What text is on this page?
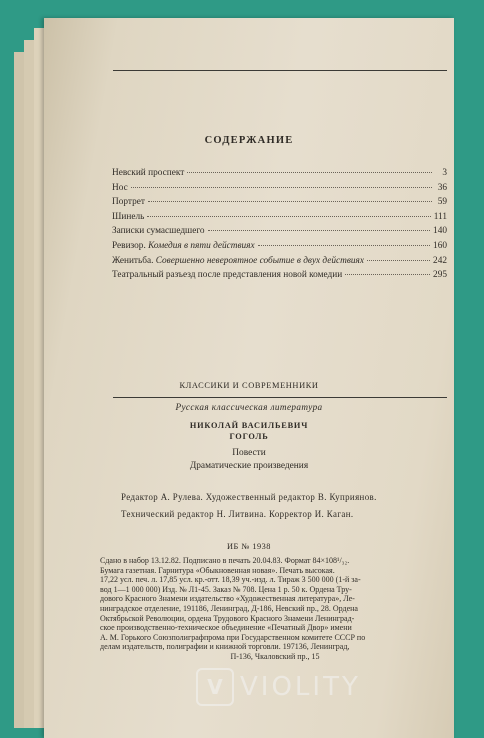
СОДЕРЖАНИЕ
Невский проспект	3
Нос	36
Портрет	59
Шинель	111
Записки сумасшедшего	140
Ревизор. Комедия в пяти действиях	160
Женитьба. Совершенно невероятное событие в двух действиях	242
Театральный разъезд после представления новой комедии	295
КЛАССИКИ И СОВРЕМЕННИКИ
Русская классическая литература
НИКОЛАЙ ВАСИЛЬЕВИЧ
ГОГОЛЬ
Повести
Драматические произведения
Редактор А. Рулева. Художественный редактор В. Куприянов.
Технический редактор Н. Литвина. Корректор И. Каган.
ИБ № 1938
Сдано в набор 13.12.82. Подписано в печать 20.04.83. Формат 84×108¹/₃₂.
Бумага газетная. Гарнитура «Обыкновенная новая». Печать высокая.
17,22 усл. печ. л. 17,85 усл. кр.-отт. 18,39 уч.-изд. л. Тираж 3 500 000 (1-й за-
вод 1—1 000 000) Изд. № Л1-45. Заказ № 708. Цена 1 р. 50 к. Ордена Тру-
дового Красного Знамени издательство «Художественная литература», Ле-
нинградское отделение, 191186, Ленинград, Д-186, Невский пр., 28. Ордена
Октябрьской Революции, ордена Трудового Красного Знамени Ленинград-
ское производственно-техническое объединение «Печатный Двор» имени
А. М. Горького Союзполиграфпрома при Государственном комитете СССР по
делам издательств, полиграфии и книжной торговли. 197136, Ленинград,
П-136, Чкаловский пр., 15
V VIOLITY
